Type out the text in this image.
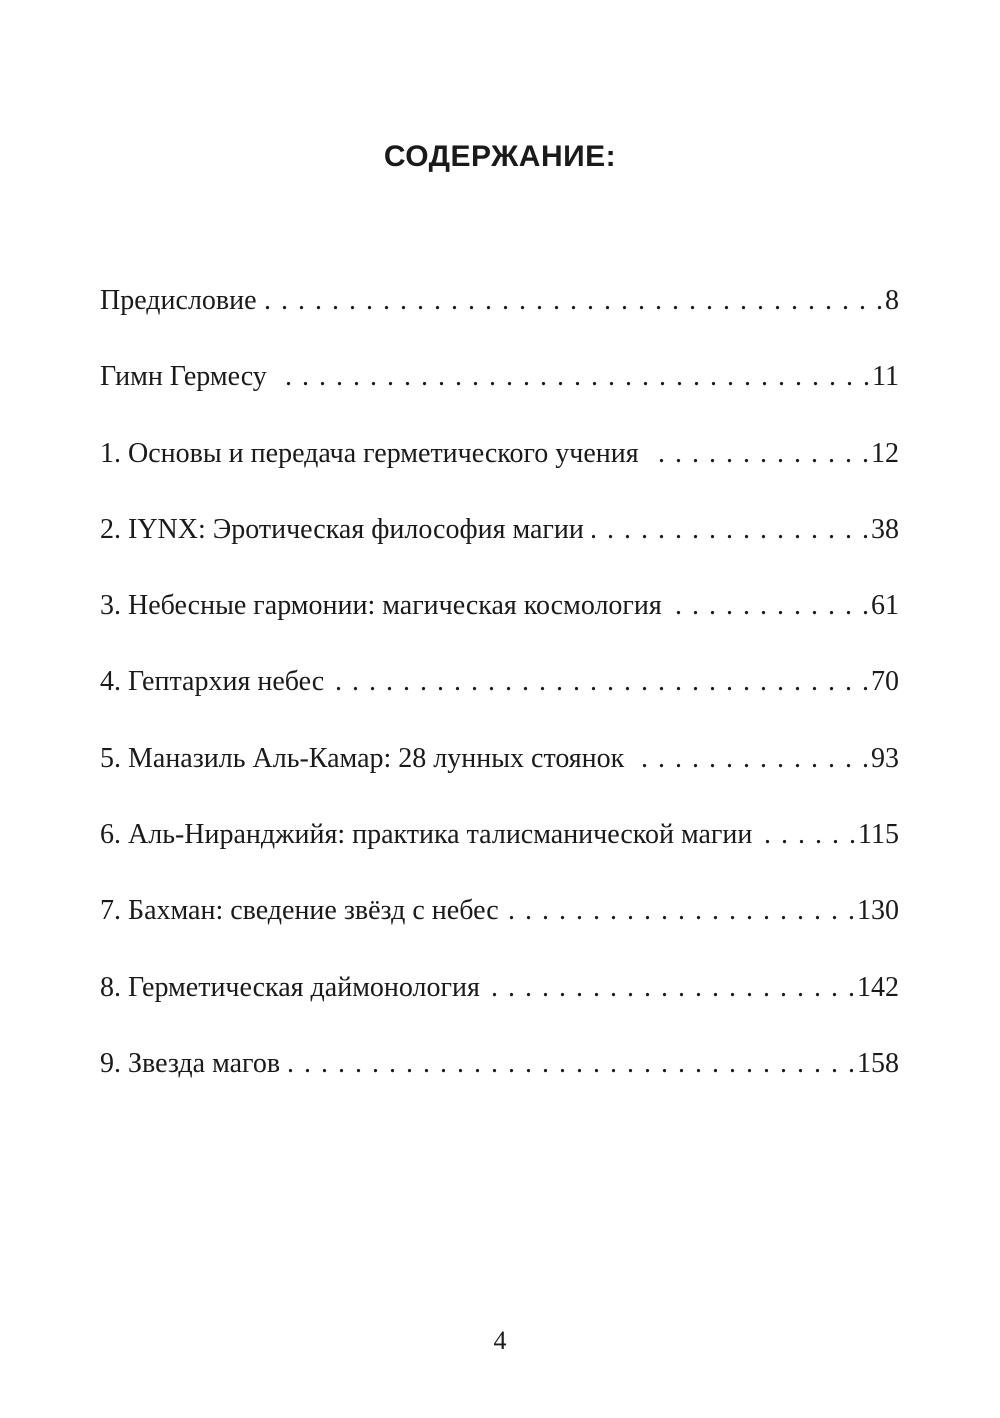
СОДЕРЖАНИЕ:
Предисловие . . .	8
Гимн Гермесу . . .	11
1. Основы и передача герметического учения . . .	12
2. IYNX: Эротическая философия магии . . .	38
3. Небесные гармонии: магическая космология . . .	61
4. Гептархия небес . . .	70
5. Маназиль Аль-Камар: 28 лунных стоянок . . .	93
6. Аль-Ниранджийя: практика талисманической магии . . .	115
7. Бахман: сведение звёзд с небес . . .	130
8. Герметическая даймонология . . .	142
9. Звезда магов . . .	158
4
